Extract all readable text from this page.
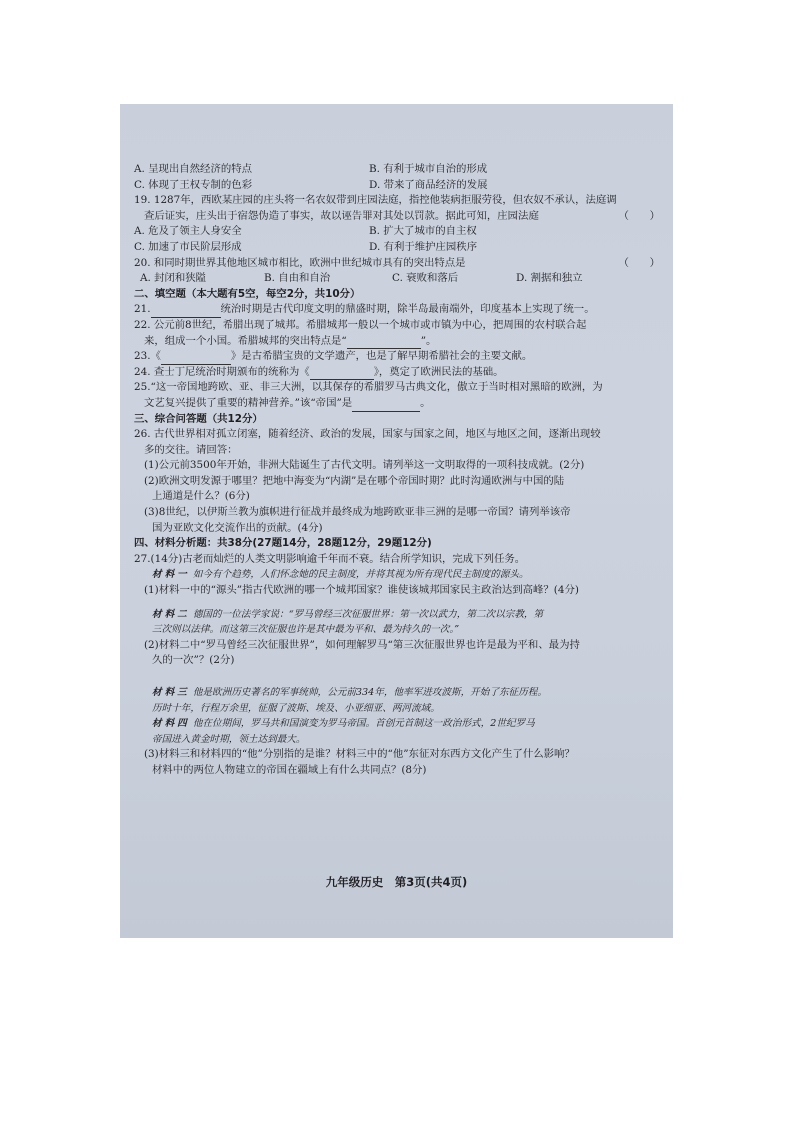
A. 呈现出自然经济的特点	B. 有利于城市自治的形成
C. 体现了王权专制的色彩	D. 带来了商品经济的发展
19. 1287年，西欧某庄园的庄头将一名农奴带到庄园法庭，指控他装病拒服劳役，但农奴不承认，法庭调
查后证实，庄头出于宿怨伪造了事实，故以诬告罪对其处以罚款。据此可知，庄园法庭	（　　）
A. 危及了领主人身安全	B. 扩大了城市的自主权
C. 加速了市民阶层形成	D. 有利于维护庄园秩序
20. 和同时期世界其他地区城市相比，欧洲中世纪城市具有的突出特点是	（　　）
A. 封闭和狭隘	B. 自由和自治	C. 衰败和落后	D. 割据和独立
二、填空题（本大题有5空，每空2分，共10分）
21.	统治时期是古代印度文明的鼎盛时期，除半岛最南端外，印度基本上实现了统一。
22. 公元前8世纪，希腊出现了城邦。希腊城邦一般以一个城市或市镇为中心，把周围的农村联合起
来，组成一个小国。希腊城邦的突出特点是“	”。
23.《	》是古希腊宝贵的文学遗产，也是了解早期希腊社会的主要文献。
24. 查士丁尼统治时期颁布的统称为《	》，奠定了欧洲民法的基础。
25.“这一帝国地跨欧、亚、非三大洲，以其保存的希腊罗马古典文化，傲立于当时相对黑暗的欧洲，为
文艺复兴提供了重要的精神营养。”该“帝国”是	。
三、综合问答题（共12分）
26. 古代世界相对孤立闭塞，随着经济、政治的发展，国家与国家之间，地区与地区之间，逐渐出现较
多的交往。请回答：
(1)公元前3500年开始，非洲大陆诞生了古代文明。请列举这一文明取得的一项科技成就。(2分)
(2)欧洲文明发源于哪里？把地中海变为“内湖”是在哪个帝国时期？此时沟通欧洲与中国的陆
上通道是什么？(6分)
(3)8世纪，以伊斯兰教为旗帜进行征战并最终成为地跨欧亚非三洲的是哪一帝国？请列举该帝
国为亚欧文化交流作出的贡献。(4分)
四、材料分析题：共38分(27题14分，28题12分，29题12分)
27.(14分)古老而灿烂的人类文明影响逾千年而不衰。结合所学知识，完成下列任务。
材料一 如今有个趋势，人们怀念她的民主制度，并将其视为所有现代民主制度的源头。
(1)材料一中的“源头”指古代欧洲的哪一个城邦国家？谁使该城邦国家民主政治达到高峰？(4分)
材料二 德国的一位法学家说：“罗马曾经三次征服世界：第一次以武力，第二次以宗教，第
三次则以法律。而这第三次征服也许是其中最为平和、最为持久的一次。”
(2)材料二中“罗马曾经三次征服世界”，如何理解罗马“第三次征服世界也许是最为平和、最为持
久的一次”？(2分)
材料三 他是欧洲历史著名的军事统帅，公元前334年，他率军进攻波斯，开始了东征历程。
历时十年，行程万余里，征服了波斯、埃及、小亚细亚、两河流域。
材料四 他在位期间，罗马共和国演变为罗马帝国。首创元首制这一政治形式，2世纪罗马
帝国进入黄金时期，领土达到最大。
(3)材料三和材料四的“他”分别指的是谁？材料三中的“他”东征对东西方文化产生了什么影响？
材料中的两位人物建立的帝国在疆域上有什么共同点？(8分)
九年级历史　第3页(共4页)
